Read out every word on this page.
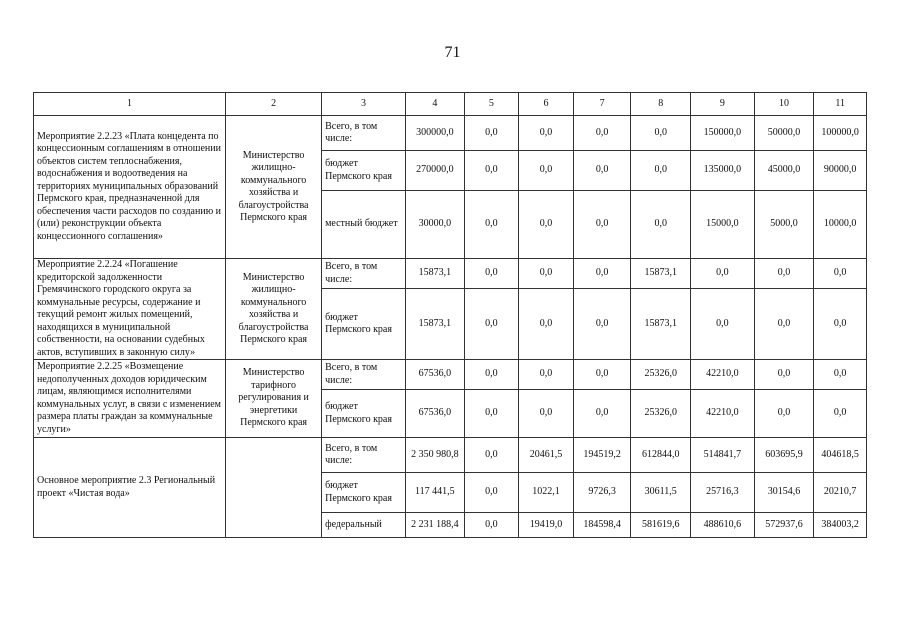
71
1	2	3	4	5	6	7	8	9	10	11
Мероприятие 2.2.23 «Плата концедента по концессионным соглашениям в отношении объектов систем теплоснабжения, водоснабжения и водоотведения на территориях муниципальных образований Пермского края, предназначенной для обеспечения части расходов по созданию и (или) реконструкции объекта концессионного соглашения»	Министерство жилищно-коммунального хозяйства и благоустройства Пермского края	Всего, в том числе:	300000,0	0,0	0,0	0,0	0,0	150000,0	50000,0	100000,0
		бюджет Пермского края	270000,0	0,0	0,0	0,0	0,0	135000,0	45000,0	90000,0
		местный бюджет	30000,0	0,0	0,0	0,0	0,0	15000,0	5000,0	10000,0
Мероприятие 2.2.24 «Погашение кредиторской задолженности Гремячинского городского округа за коммунальные ресурсы, содержание и текущий ремонт жилых помещений, находящихся в муниципальной собственности, на основании судебных актов, вступивших в законную силу»	Министерство жилищно-коммунального хозяйства и благоустройства Пермского края	Всего, в том числе:	15873,1	0,0	0,0	0,0	15873,1	0,0	0,0	0,0
		бюджет Пермского края	15873,1	0,0	0,0	0,0	15873,1	0,0	0,0	0,0
Мероприятие 2.2.25 «Возмещение недополученных доходов юридическим лицам, являющимся исполнителями коммунальных услуг, в связи с изменением размера платы граждан за коммунальные услуги»	Министерство тарифного регулирования и энергетики Пермского края	Всего, в том числе:	67536,0	0,0	0,0	0,0	25326,0	42210,0	0,0	0,0
		бюджет Пермского края	67536,0	0,0	0,0	0,0	25326,0	42210,0	0,0	0,0
Основное мероприятие 2.3 Региональный проект «Чистая вода»		Всего, в том числе:	2 350 980,8	0,0	20461,5	194519,2	612844,0	514841,7	603695,9	404618,5
		бюджет Пермского края	117 441,5	0,0	1022,1	9726,3	30611,5	25716,3	30154,6	20210,7
		федеральный	2 231 188,4	0,0	19419,0	184598,4	581619,6	488610,6	572937,6	384003,2
